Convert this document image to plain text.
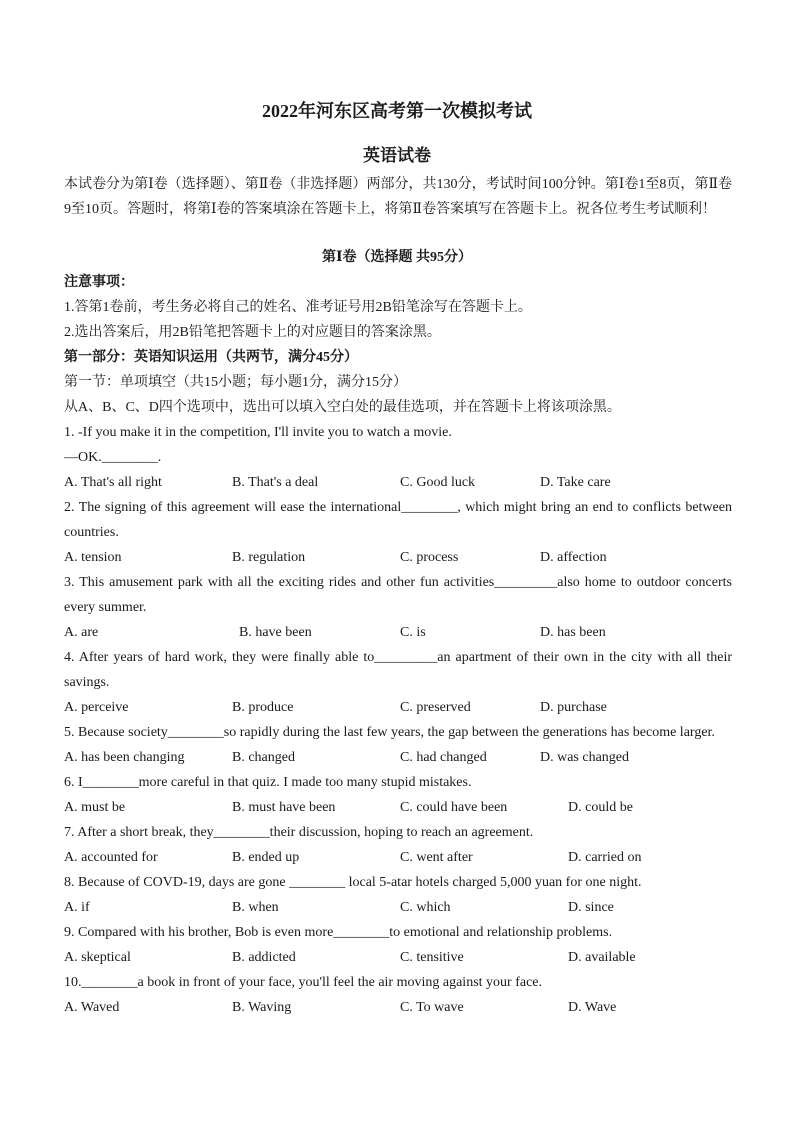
2022年河东区高考第一次模拟考试
英语试卷
本试卷分为第Ⅰ卷（选择题）、第Ⅱ卷（非选择题）两部分，共130分，考试时间100分钟。第Ⅰ卷1至8页，第Ⅱ卷9至10页。答题时，将第Ⅰ卷的答案填涂在答题卡上，将第Ⅱ卷答案填写在答题卡上。祝各位考生考试顺利！
第Ⅰ卷（选择题 共95分）
注意事项：
1.答第1卷前，考生务必将自己的姓名、准考证号用2B铅笔涂写在答题卡上。
2.选出答案后，用2B铅笔把答题卡上的对应题目的答案涂黑。
第一部分：英语知识运用（共两节，满分45分）
第一节：单项填空（共15小题；每小题1分，满分15分）
从A、B、C、D四个选项中，选出可以填入空白处的最佳选项，并在答题卡上将该项涂黑。
1. -If you make it in the competition, I'll invite you to watch a movie.
—OK.________.
A. That's all right	B. That's a deal	C. Good luck	D. Take care
2. The signing of this agreement will ease the international________, which might bring an end to conflicts between
countries.
A. tension	B. regulation	C. process	D. affection
3. This amusement park with all the exciting rides and other fun activities_________also home to outdoor concerts
every summer.
A. are	B. have been	C. is	D. has been
4. After years of hard work, they were finally able to_________an apartment of their own in the city with all their
savings.
A. perceive	B. produce	C. preserved	D. purchase
5. Because society________so rapidly during the last few years, the gap between the generations has become larger.
A. has been changing	B. changed	C. had changed	D. was changed
6. I________more careful in that quiz. I made too many stupid mistakes.
A. must be	B. must have been	C. could have been	D. could be
7. After a short break, they________their discussion, hoping to reach an agreement.
A. accounted for	B. ended up	C. went after	D. carried on
8. Because of COVD-19, days are gone ________ local 5-atar hotels charged 5,000 yuan for one night.
A. if	B. when	C. which	D. since
9. Compared with his brother, Bob is even more________to emotional and relationship problems.
A. skeptical	B. addicted	C. tensitive	D. available
10.________a book in front of your face, you'll feel the air moving against your face.
A. Waved	B. Waving	C. To wave	D. Wave
